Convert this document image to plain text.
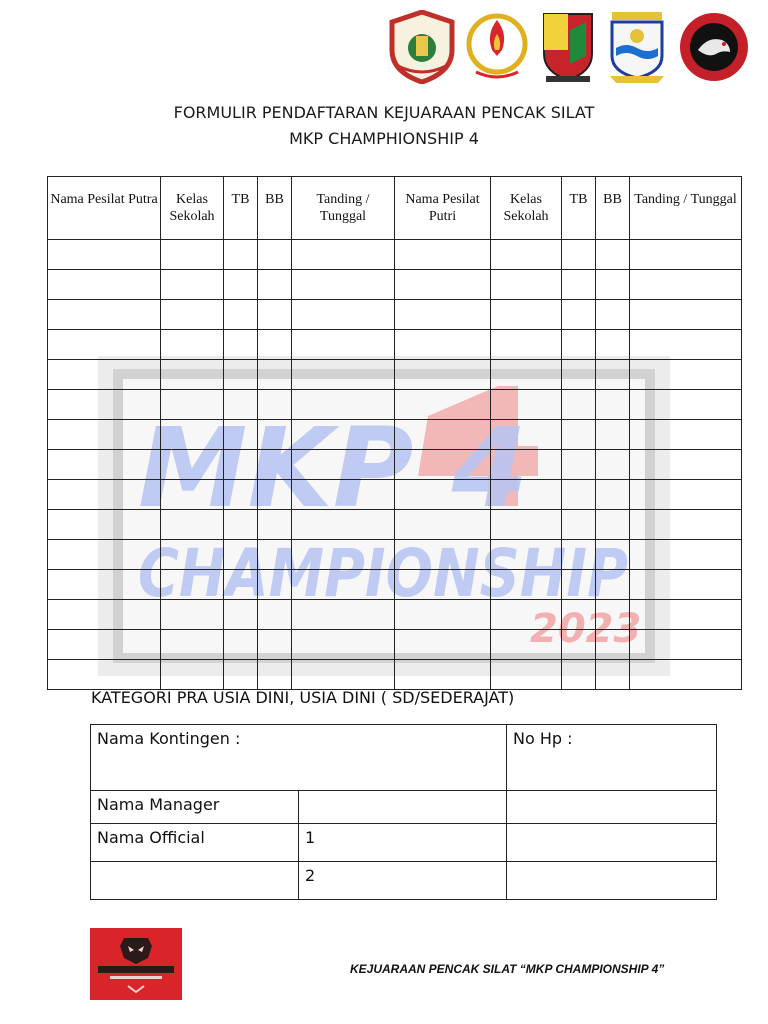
MKP 4
CHAMPIONSHIP
2023
FORMULIR PENDAFTARAN KEJUARAAN PENCAK SILAT
MKP CHAMPHIONSHIP 4
Nama Pesilat Putra	Kelas Sekolah	TB	BB	Tanding / Tunggal	Nama Pesilat Putri	Kelas Sekolah	TB	BB	Tanding / Tunggal

KATEGORI PRA USIA DINI, USIA DINI ( SD/SEDERAJAT)
Nama Kontingen :		No Hp :
Nama Manager		
Nama Official	1	
	2	
KEJUARAAN PENCAK SILAT “MKP CHAMPIONSHIP 4”
